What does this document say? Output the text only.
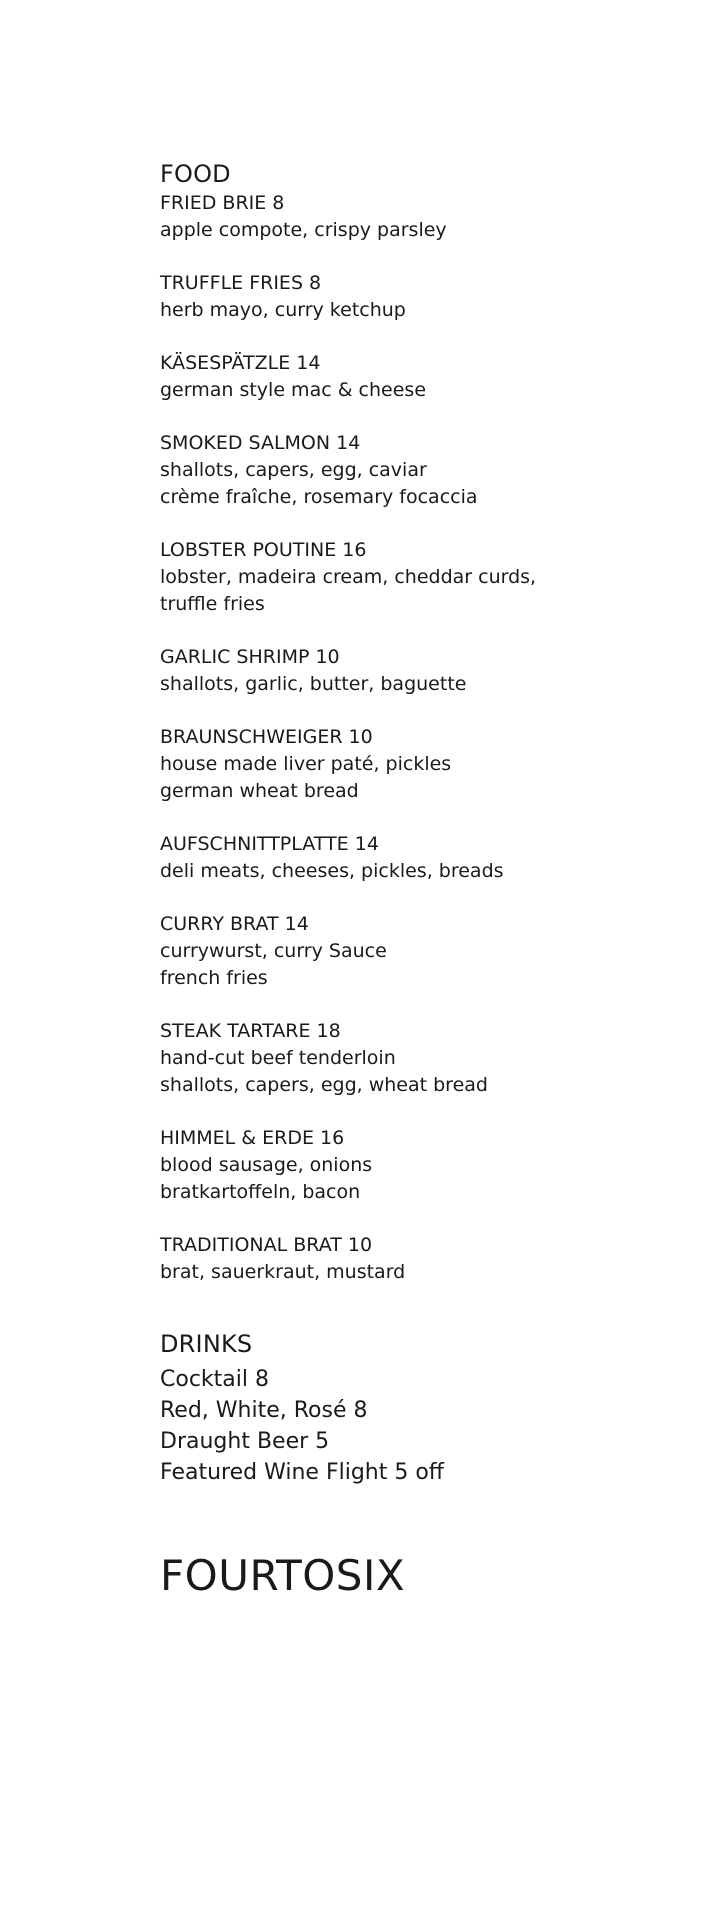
FOOD
FRIED BRIE 8
apple compote, crispy parsley
TRUFFLE FRIES 8
herb mayo, curry ketchup
KÄSESPÄTZLE 14
german style mac & cheese
SMOKED SALMON 14
shallots, capers, egg, caviar
crème fraîche, rosemary focaccia
LOBSTER POUTINE 16
lobster, madeira cream, cheddar curds,
truffle fries
GARLIC SHRIMP 10
shallots, garlic, butter, baguette
BRAUNSCHWEIGER 10
house made liver paté, pickles
german wheat bread
AUFSCHNITTPLATTE 14
deli meats, cheeses, pickles, breads
CURRY BRAT 14
currywurst, curry Sauce
french fries
STEAK TARTARE 18
hand-cut beef tenderloin
shallots, capers, egg, wheat bread
HIMMEL & ERDE 16
blood sausage, onions
bratkartoffeln, bacon
TRADITIONAL BRAT 10
brat, sauerkraut, mustard
DRINKS
Cocktail 8
Red, White, Rosé 8
Draught Beer 5
Featured Wine Flight 5 off
FOURTOSIX
